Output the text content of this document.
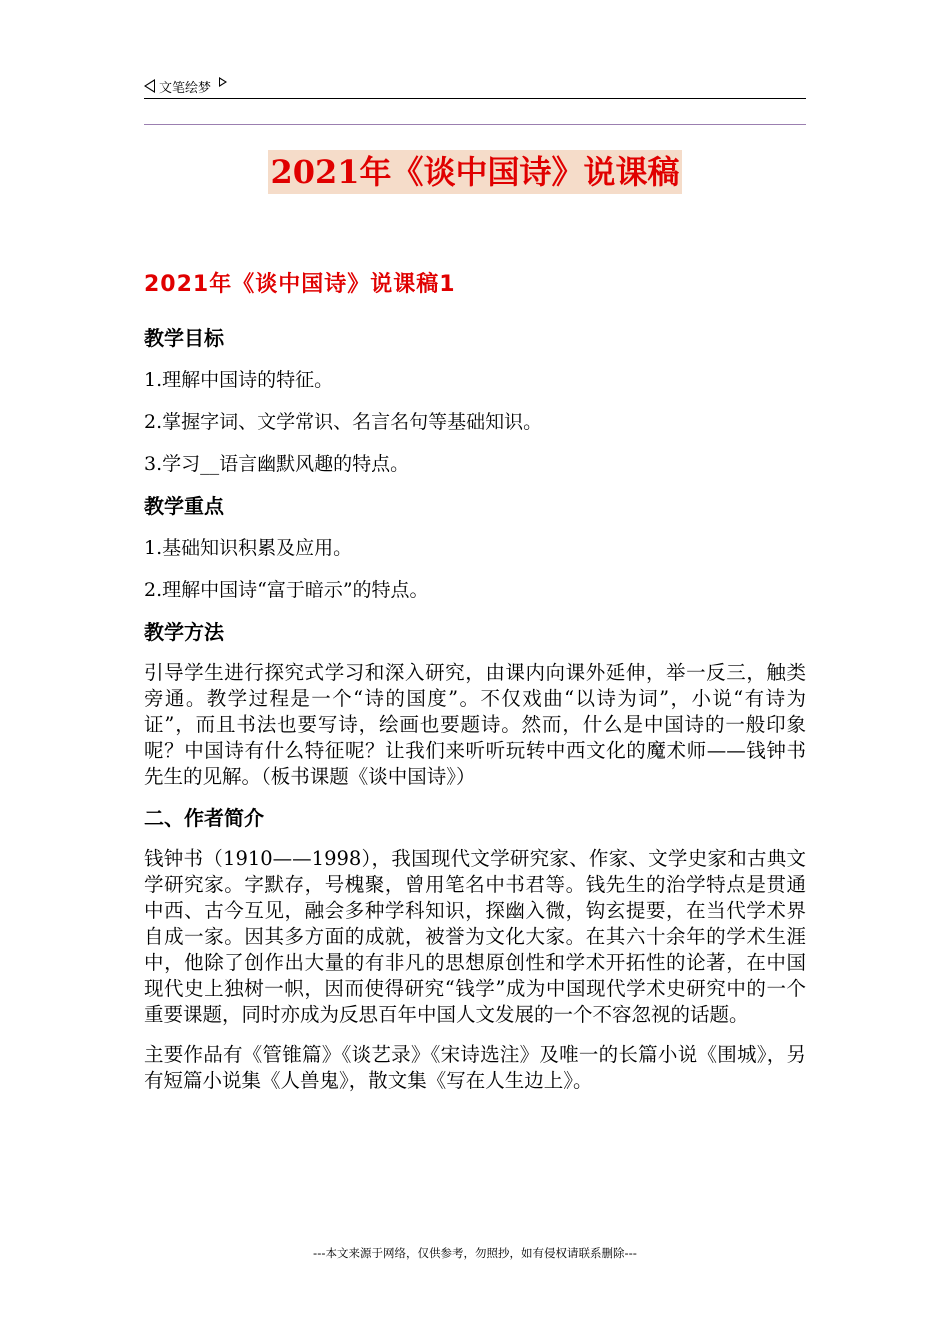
文笔绘梦
2021年《谈中国诗》说课稿
2021年《谈中国诗》说课稿1
教学目标
1.理解中国诗的特征。
2.掌握字词、文学常识、名言名句等基础知识。
3.学习__语言幽默风趣的特点。
教学重点
1.基础知识积累及应用。
2.理解中国诗“富于暗示”的特点。
教学方法
引导学生进行探究式学习和深入研究，由课内向课外延伸，举一反三，触类旁通。教学过程是一个“诗的国度”。不仅戏曲“以诗为词”，小说“有诗为证”，而且书法也要写诗，绘画也要题诗。然而，什么是中国诗的一般印象呢？中国诗有什么特征呢？让我们来听听玩转中西文化的魔术师——钱钟书先生的见解。（板书课题《谈中国诗》）
二、作者简介
钱钟书（1910——1998），我国现代文学研究家、作家、文学史家和古典文学研究家。字默存，号槐聚，曾用笔名中书君等。钱先生的治学特点是贯通中西、古今互见，融会多种学科知识，探幽入微，钩玄提要，在当代学术界自成一家。因其多方面的成就，被誉为文化大家。在其六十余年的学术生涯中，他除了创作出大量的有非凡的思想原创性和学术开拓性的论著，在中国现代史上独树一帜，因而使得研究“钱学”成为中国现代学术史研究中的一个重要课题，同时亦成为反思百年中国人文发展的一个不容忽视的话题。
主要作品有《管锥篇》《谈艺录》《宋诗选注》及唯一的长篇小说《围城》，另有短篇小说集《人兽鬼》，散文集《写在人生边上》。
---本文来源于网络，仅供参考，勿照抄，如有侵权请联系删除---
